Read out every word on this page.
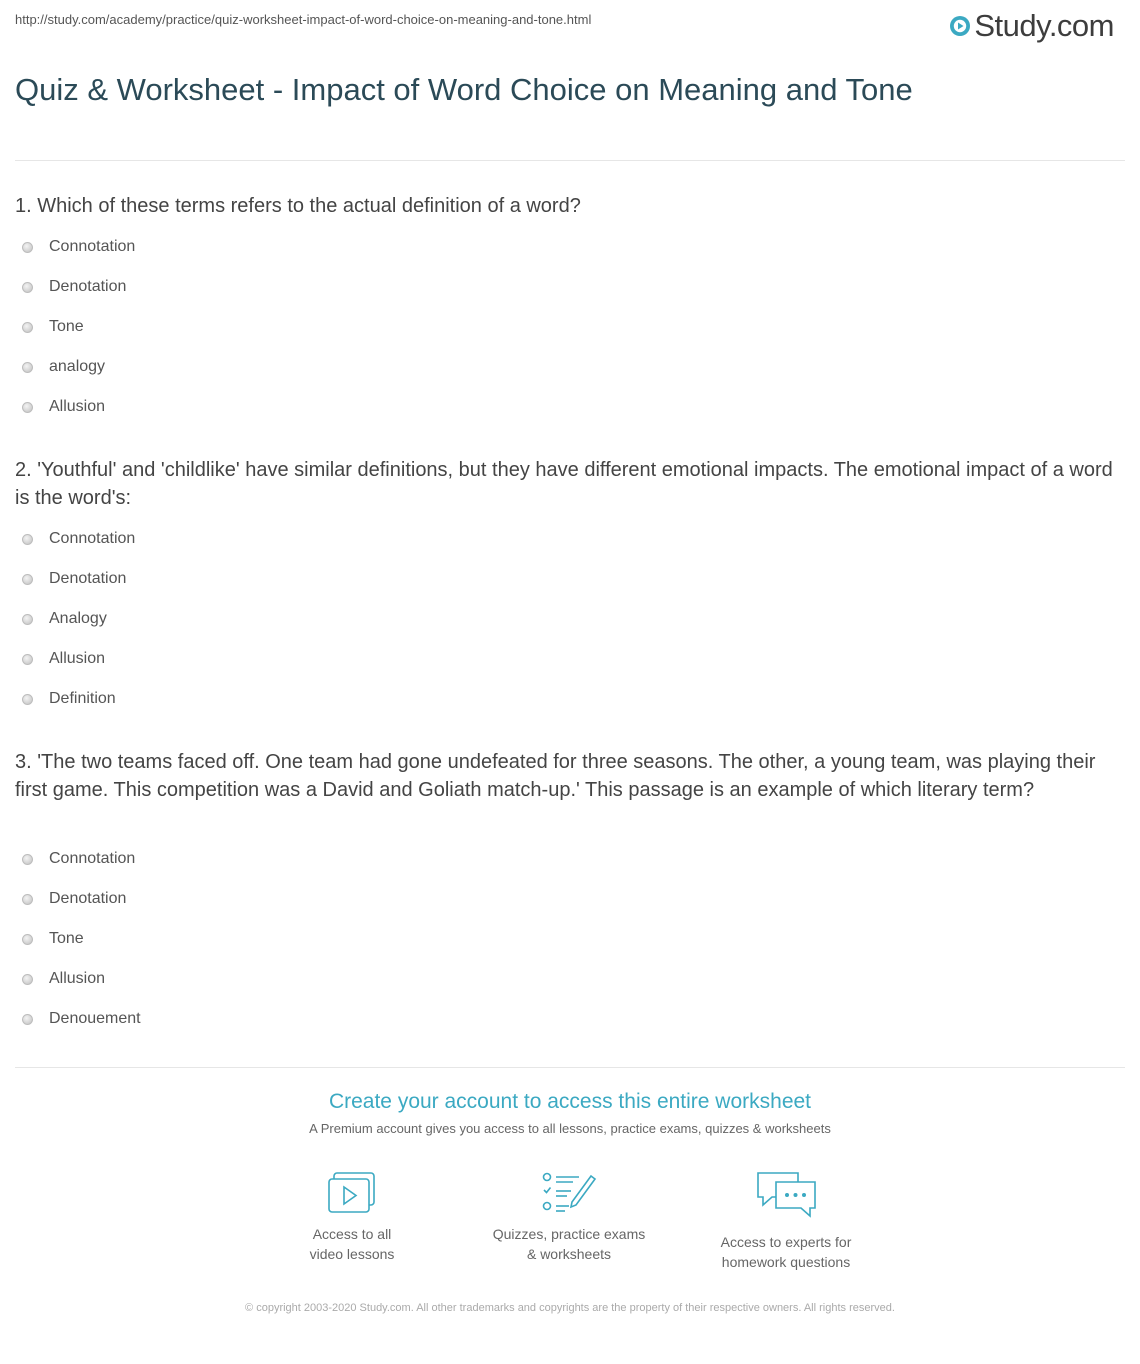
http://study.com/academy/practice/quiz-worksheet-impact-of-word-choice-on-meaning-and-tone.html	Study.com
Quiz & Worksheet - Impact of Word Choice on Meaning and Tone

1. Which of these terms refers to the actual definition of a word?

Connotation
Denotation
Tone
analogy
Allusion

2. 'Youthful' and 'childlike' have similar definitions, but they have different emotional impacts. The emotional impact of a word is the word's:

Connotation
Denotation
Analogy
Allusion
Definition

3. 'The two teams faced off. One team had gone undefeated for three seasons. The other, a young team, was playing their first game. This competition was a David and Goliath match-up.' This passage is an example of which literary term?

Connotation
Denotation
Tone
Allusion
Denouement
Create your account to access this entire worksheet
A Premium account gives you access to all lessons, practice exams, quizzes & worksheets
Access to all
video lessons
Quizzes, practice exams
& worksheets
Access to experts for
homework questions
© copyright 2003-2020 Study.com. All other trademarks and copyrights are the property of their respective owners. All rights reserved.
